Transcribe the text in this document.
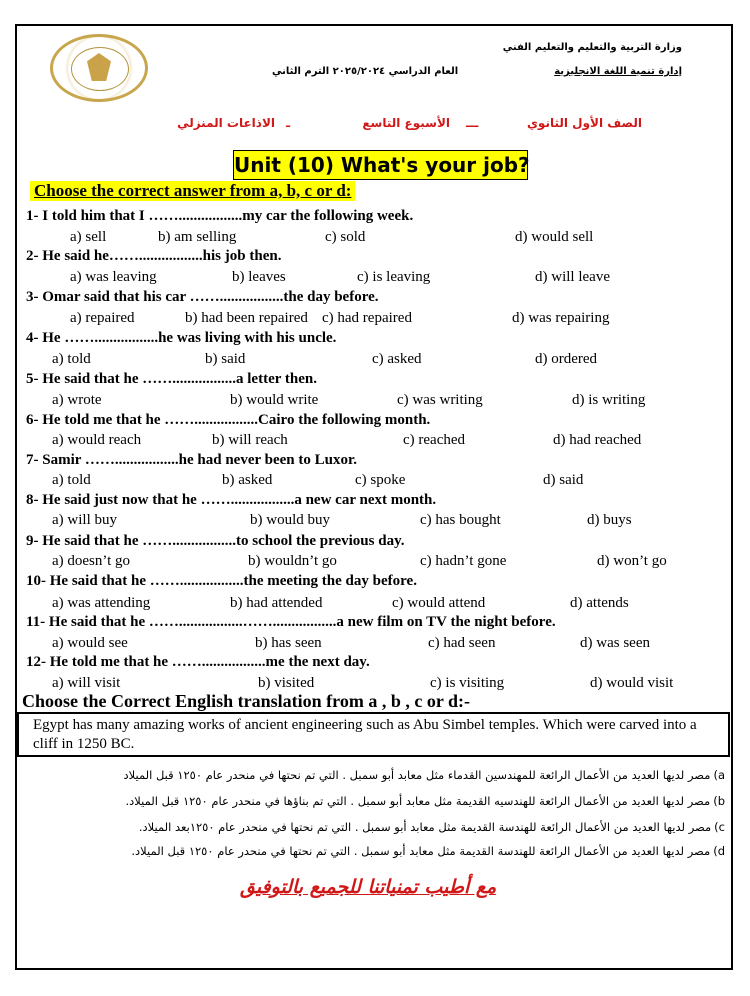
وزارة التربية والتعليم والتعليم الفني
إدارة تنمية اللغة الانجليزية
العام الدراسي ٢٠٢٥/٢٠٢٤ الترم الثاني
الصف الأول الثانوي
ـــ
الأسبوع التاسع
ـ
الاذاعات المنزلي
Unit (10) What's your job?
Choose the correct answer from a, b, c or d:
1- I told him that I …….................my car the following week.
a) sell	b) am selling	c) sold	d) would sell
2- He said he…….................his job then.
a) was leaving	b) leaves	c) is leaving	d) will leave
3- Omar said that his car …….................the day before.
a) repaired	b) had been repaired c) had repaired	d) was repairing
4- He …….................he was living with his uncle.
a) told	b) said	c) asked	d) ordered
5- He said that he …….................a letter then.
a) wrote	b) would write	c) was writing	d) is writing
6- He told me that he …….................Cairo the following month.
a) would reach	b) will reach	c) reached	d) had reached
7- Samir …….................he had never been to Luxor.
a) told	b) asked	c) spoke	d) said
8- He said just now that he …….................a new car next month.
a) will buy	b) would buy	c) has bought	d) buys
9- He said that he …….................to school the previous day.
a) doesn’t go	b) wouldn’t go	c) hadn’t gone	d) won’t go
10- He said that he …….................the meeting the day before.
a) was attending	b) had attended	c) would attend	d) attends
11- He said that he …….................…….................a new film on TV the night before.
a) would see	b) has seen	c) had seen	d) was seen
12- He told me that he …….................me the next day.
a) will visit	b) visited	c) is visiting	d) would visit
Choose the Correct English translation from a , b , c or d:-
Egypt has many amazing works of ancient engineering such as Abu Simbel temples. Which were carved into a cliff in 1250 BC.
a)مصر لديها العديد من الأعمال الرائعة للمهندسين القدماء مثل معابد أبو سمبل . التي تم نحتها في منحدر عام ١٢٥٠ قبل الميلاد
b)مصر لديها العديد من الأعمال الرائعة للهندسيه القديمة مثل معابد أبو سمبل . التي تم بناؤها في منحدر عام ١٢٥٠ قبل الميلاد.
c)مصر لديها العديد من الأعمال الرائعة للهندسة القديمة مثل معابد أبو سمبل . التي تم نحتها في منحدر عام ١٢٥٠بعد الميلاد.
d)مصر لديها العديد من الأعمال الرائعة للهندسة القديمة مثل معابد أبو سمبل . التي تم نحتها في منحدر عام ١٢٥٠ قبل الميلاد.
مع أطيب تمنياتنا للجميع بالتوفيق
